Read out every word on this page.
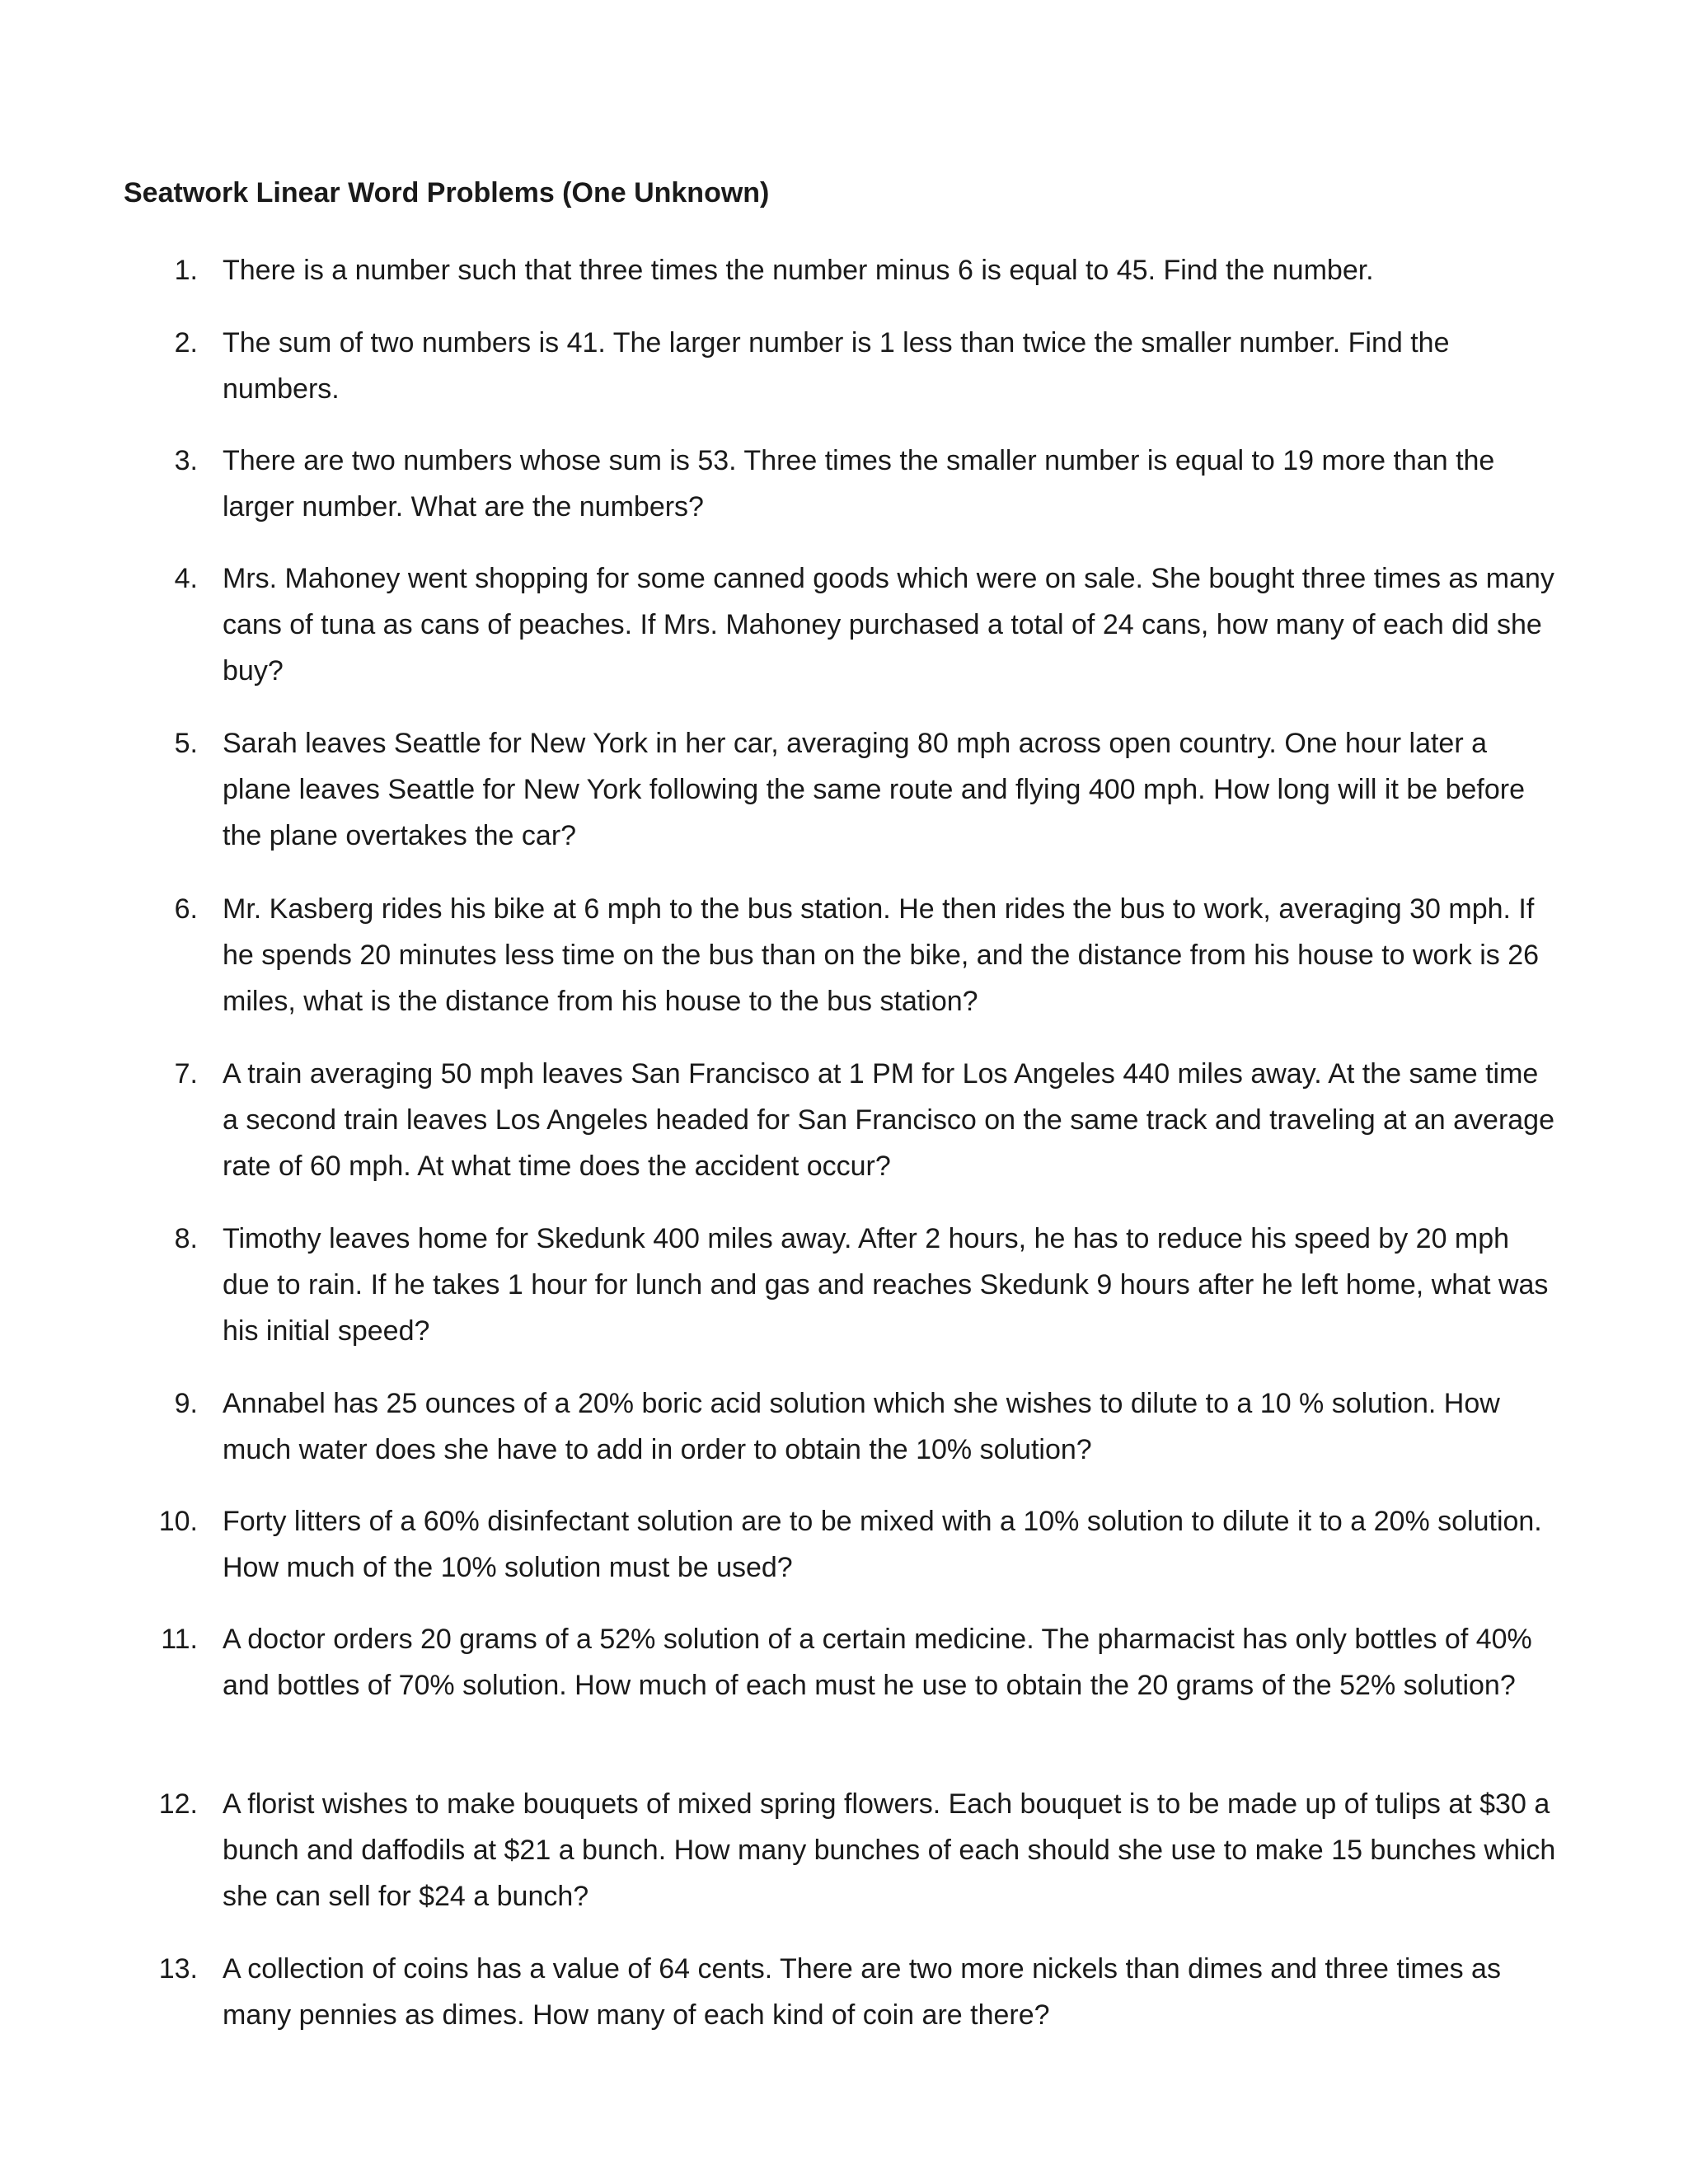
Seatwork Linear Word Problems (One Unknown)
1. There is a number such that three times the number minus 6 is equal to 45. Find the number.
2. The sum of two numbers is 41. The larger number is 1 less than twice the smaller number. Find the numbers.
3. There are two numbers whose sum is 53. Three times the smaller number is equal to 19 more than the larger number. What are the numbers?
4. Mrs. Mahoney went shopping for some canned goods which were on sale. She bought three times as many cans of tuna as cans of peaches. If Mrs. Mahoney purchased a total of 24 cans, how many of each did she buy?
5. Sarah leaves Seattle for New York in her car, averaging 80 mph across open country. One hour later a plane leaves Seattle for New York following the same route and flying 400 mph. How long will it be before the plane overtakes the car?
6. Mr. Kasberg rides his bike at 6 mph to the bus station. He then rides the bus to work, averaging 30 mph. If he spends 20 minutes less time on the bus than on the bike, and the distance from his house to work is 26 miles, what is the distance from his house to the bus station?
7. A train averaging 50 mph leaves San Francisco at 1 PM for Los Angeles 440 miles away. At the same time a second train leaves Los Angeles headed for San Francisco on the same track and traveling at an average rate of 60 mph. At what time does the accident occur?
8. Timothy leaves home for Skedunk 400 miles away. After 2 hours, he has to reduce his speed by 20 mph due to rain. If he takes 1 hour for lunch and gas and reaches Skedunk 9 hours after he left home, what was his initial speed?
9. Annabel has 25 ounces of a 20% boric acid solution which she wishes to dilute to a 10 % solution. How much water does she have to add in order to obtain the 10% solution?
10. Forty litters of a 60% disinfectant solution are to be mixed with a 10% solution to dilute it to a 20% solution. How much of the 10% solution must be used?
11. A doctor orders 20 grams of a 52% solution of a certain medicine. The pharmacist has only bottles of 40% and bottles of 70% solution. How much of each must he use to obtain the 20 grams of the 52% solution?
12. A florist wishes to make bouquets of mixed spring flowers. Each bouquet is to be made up of tulips at $30 a bunch and daffodils at $21 a bunch. How many bunches of each should she use to make 15 bunches which she can sell for $24 a bunch?
13. A collection of coins has a value of 64 cents. There are two more nickels than dimes and three times as many pennies as dimes. How many of each kind of coin are there?
